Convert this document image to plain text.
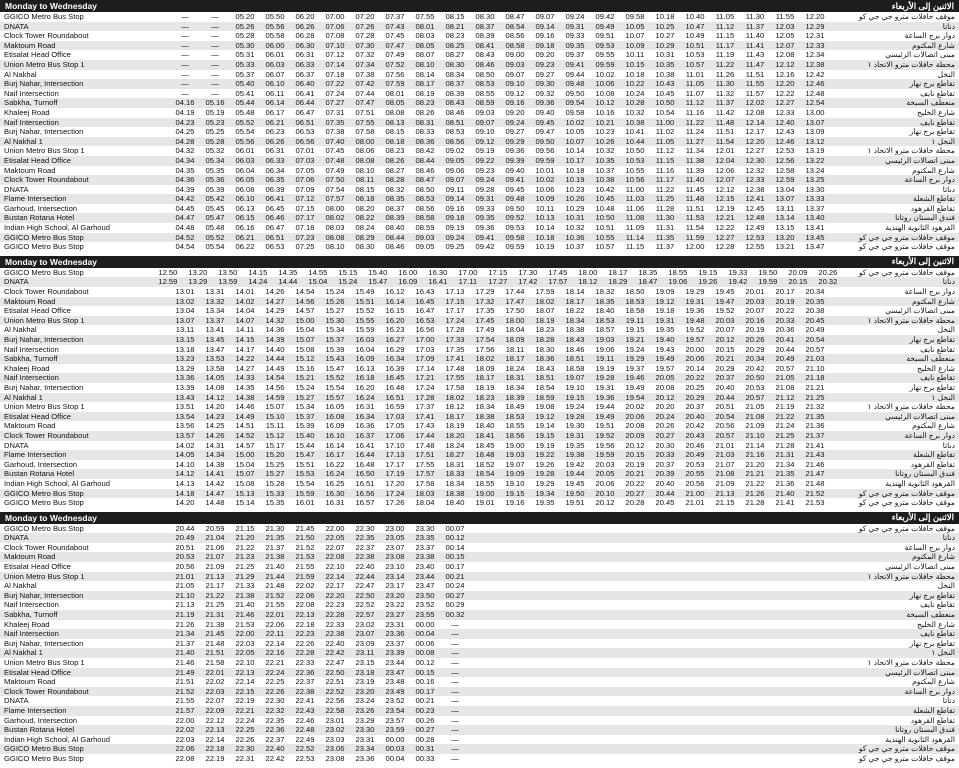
Monday to Wednesday	الاثنين إلى الأربعاء
GGICO Metro Bus Stop	—	—	05.20	05.50	06.20	07.00	07.20	07.37	07.55	08.15	08.30	08.47	09.07	09.24	09.42	09.58	10.18	10.40	11.05	11.30	11.55	12.20	موقف حافلات مترو جي جي كو
DNATA	—	—	05.26	05.56	06.26	07.06	07.26	07.43	08.01	08.21	08.37	08.54	09.14	09.31	09.49	10.05	10.25	10.47	11.12	11.37	12.03	12.29	دناتا
Clock Tower Roundabout	—	—	05.28	05.58	06.28	07.08	07.28	07.45	08.03	08.23	08.39	08.56	09.16	09.33	09.51	10.07	10.27	10.49	11.15	11.40	12.05	12.31	دوار برج الساعة
Maktoum Road	—	—	05.30	06.00	06.30	07.10	07.30	07.47	08.05	08.25	08.41	08.58	09.18	09.35	09.53	10.09	10.29	10.51	11.17	11.41	12.07	12.33	شارع المكتوم
Etisalat Head Office	—	—	05.31	06.01	06.31	07.12	07.32	07.49	08.07	08.27	08.43	09.00	09.20	09.37	09.55	10.11	10.31	10.53	11.19	11.43	12.08	12.34	مبنى اتصالات الرئيسي
Union Metro Bus Stop 1	—	—	05.33	06.03	06.33	07.14	07.34	07.52	08.10	08.30	08.46	09.03	09.23	09.41	09.59	10.15	10.35	10.57	11.22	11.47	12.12	12.38	محطة حافلات مترو الاتحاد ١
Al Nakhal	—	—	05.37	06.07	06.37	07.18	07.38	07.56	08.14	08.34	08.50	09.07	09.27	09.44	10.02	10.18	10.38	11.01	11.26	11.51	12.16	12.42	النخل
Burj Nahar, Intersection	—	—	05.40	06.10	06.40	07.22	07.42	07.59	08.17	08.37	08.53	09.10	09.30	09.48	10.06	10.22	10.43	11.05	11.30	11.55	12.20	12.46	تقاطع برج نهار
Naif Intersection	—	—	05.41	06.11	06.41	07.24	07.44	08.01	08.19	08.39	08.55	09.12	09.32	09.50	10.08	10.24	10.45	11.07	11.32	11.57	12.22	12.48	تقاطع نايف
Sabkha, Turnoff	04.16	05.16	05.44	06.14	06.44	07.27	07.47	08.05	08.23	08.43	08.59	09.16	09.36	09.54	10.12	10.28	10.50	11.12	11.37	12.02	12.27	12.54	منعطف السبخة
Khaleej Road	04.19	05.19	05.48	06.17	06.47	07.31	07.51	08.08	08.26	08.46	09.03	09.20	09.40	09.58	10.16	10.32	10.54	11.16	11.42	12.08	12.33	13.00	شارع الخليج
Naif Intersection	04.23	05.23	05.52	06.21	06.51	07.35	07.55	08.13	08.31	08.51	09.07	09.24	09.45	10.02	10.21	10.38	11.00	11.22	11.48	12.14	12.40	13.07	تقاطع نايف
Burj Nahar, Intersection	04.25	05.25	05.54	06.23	06.53	07.38	07.58	08.15	08.33	08.53	09.10	09.27	09.47	10.05	10.23	10.41	11.02	11.24	11.51	12.17	12.43	13.09	تقاطع برج نهار
Al Nakhal 1	04.28	05.28	05.56	06.26	06.56	07.40	08.00	08.18	08.36	08.56	09.12	09.29	09.50	10.07	10.26	10.44	11.05	11.27	11.54	12.20	12.46	13.12	النخل ١
Union Metro Bus Stop 1	04.32	05.32	06.01	06.31	07.01	07.45	08.06	08.23	08.42	09.02	09.19	09.36	09.56	10.14	10.32	10.50	11.12	11.34	12.01	12.27	12.53	13.19	محطة حافلات مترو الاتحاد ١
Etisalat Head Office	04.34	05.34	06.03	06.33	07.03	07.48	08.08	08.26	08.44	09.05	09.22	09.39	09.59	10.17	10.35	10.53	11.15	11.38	12.04	12.30	12.56	13.22	مبنى اتصالات الرئيسي
Maktoum Road	04.35	05.35	06.04	06.34	07.05	07.49	08.10	08.27	08.46	09.06	09.23	09.40	10.01	10.18	10.37	10.55	11.16	11.39	12.06	12.32	12.58	13.24	شارع المكتوم
Clock Tower Roundabout	04.36	05.36	06.05	06.35	07.06	07.50	08.11	08.28	08.47	09.07	09.24	09.41	10.02	10.19	10.38	10.56	11.17	11.40	12.07	12.33	12.59	13.25	دوار برج الساعة
DNATA	04.39	05.39	06.08	06.39	07.09	07.54	08.15	08.32	08.50	09.11	09.28	09.45	10.06	10.23	10.42	11.00	11.22	11.45	12.12	12.38	13.04	13.30	دناتا
Flame Intersection	04.42	05.42	06.10	06.41	07.12	07.57	08.18	08.35	08.53	09.14	09.31	09.48	10.09	10.26	10.45	11.03	11.25	11.48	12.15	12.41	13.07	13.33	تقاطع الشعلة
Garhoud, Intersection	04.45	05.45	06.13	06.45	07.15	08.00	08.20	08.37	08.56	09.16	09.33	09.50	10.11	10.29	10.48	11.06	11.28	11.51	12.19	12.45	13.11	13.37	تقاطع القرهود
Bustan Rotana Hotel	04.47	05.47	06.15	06.46	07.17	08.02	08.22	08.39	08.58	09.18	09.35	09.52	10.13	10.31	10.50	11.08	11.30	11.53	12.21	12.48	13.14	13.40	فندق البستان روتانا
Indian High School, Al Garhoud	04.48	05.48	06.16	06.47	07.18	08.03	08.24	08.40	08.59	09.19	09.36	09.53	10.14	10.32	10.51	11.09	11.31	11.54	12.22	12.49	13.15	13.41	القرهود الثانوية الهندية
GGICO Metro Bus Stop	04.52	05.52	06.21	06.51	07.23	08.08	08.29	08.44	09.03	09.24	09.41	09.58	10.18	10.36	10.55	11.14	11.35	11.59	12.27	12.53	13.20	13.45	موقف حافلات مترو جي جي كو
GGICO Metro Bus Stop	04.54	05.54	06.22	06.53	07.25	08.10	08.30	08.46	09.05	09.25	09.42	09.59	10.19	10.37	10.57	11.15	11.37	12.00	12.28	12.55	13.21	13.47	موقف حافلات مترو جي جي كو
Monday to Wednesday	الاثنين إلى الأربعاء
GGICO Metro Bus Stop	12.50	13.20	13.50	14.15	14.35	14.55	15.15	15.40	16.00	16.30	17.00	17.15	17.30	17.45	18.00	18.17	18.35	18.55	19.15	19.33	19.50	20.09	20.26	موقف حافلات مترو جي جي كو
DNATA	12.59	13.29	13.59	14.24	14.44	15.04	15.24	15.47	16.09	16.41	17.11	17.27	17.42	17.57	18.12	18.29	18.47	19.06	19.26	19.42	19.59	20.15	20.32	دناتا
Clock Tower Roundabout	13.01	13.31	14.01	14.26	14.54	15.24	15.49	16.12	16.43	17.13	17.29	17.44	17.59	18.14	18.32	18.50	19.09	19.29	19.45	20.01	20.17	20.34	دوار برج الساعة
Maktoum Road	13.02	13.32	14.02	14.27	14.56	15.26	15.51	16.14	16.45	17.15	17.32	17.47	18.02	18.17	18.35	18.53	19.12	19.31	19.47	20.03	20.19	20.35	شارع المكتوم
Etisalat Head Office	13.04	13.34	14.04	14.29	14.57	15.27	15.52	16.15	16.47	17.17	17.35	17.50	18.07	18.22	18.40	18.58	19.18	19.36	19.52	20.07	20.22	20.38	مبنى اتصالات الرئيسي
Union Metro Bus Stop 1	13.07	13.37	14.07	14.32	15.00	15.30	15.55	16.20	16.53	17.24	17.45	18.00	18.19	18.34	18.53	19.11	19.31	19.48	20.03	20.16	20.33	20.45	محطة حافلات مترو الاتحاد ١
Al Nakhal	13.11	13.41	14.11	14.36	15.04	15.34	15.59	16.23	16.56	17.28	17.49	18.04	18.23	18.38	18.57	19.15	19.35	19.52	20.07	20.19	20.36	20.49	النخل
Burj Nahar, Intersection	13.15	13.45	14.15	14.39	15.07	15.37	16.03	16.27	17.00	17.33	17.54	18.09	18.28	18.43	19.03	19.21	19.40	19.57	20.12	20.26	20.41	20.54	تقاطع برج نهار
Naif Intersection	13.18	13.47	14.17	14.40	15.08	15.39	16.04	16.29	17.03	17.35	17.56	18.11	18.30	18.46	19.06	19.24	19.43	20.00	20.15	20.29	20.44	20.57	تقاطع نايف
Sabkha, Turnoff	13.23	13.53	14.22	14.44	15.12	15.43	16.09	16.34	17.09	17.41	18.02	18.17	18.36	18.51	19.11	19.29	19.49	20.06	20.21	20.34	20.49	21.03	منعطف السبخة
Khaleej Road	13.29	13.58	14.27	14.49	15.16	15.47	16.13	16.39	17.14	17.48	18.09	18.24	18.43	18.58	19.19	19.37	19.57	20.14	20.29	20.42	20.57	21.10	شارع الخليج
Naif Intersection	13.36	14.05	14.33	14.54	15.21	15.52	16.18	16.45	17.21	17.55	18.17	18.31	18.51	19.07	19.28	19.46	20.05	20.22	20.37	20.50	21.05	21.18	تقاطع نايف
Burj Nahar, Intersection	13.39	14.08	14.35	14.56	15.24	15.54	16.20	16.48	17.24	17.58	18.19	18.34	18.54	19.10	19.31	19.49	20.08	20.25	20.40	20.53	21.08	21.21	تقاطع برج نهار
Al Nakhal 1	13.43	14.12	14.38	14.59	15.27	15.57	16.24	16.51	17.28	18.02	18.23	18.39	18.59	19.15	19.36	19.54	20.12	20.29	20.44	20.57	21.12	21.25	النخل ١
Union Metro Bus Stop 1	13.51	14.20	14.46	15.07	15.34	16.05	16.31	16.59	17.37	18.12	18.34	18.49	19.08	19.24	19.44	20.02	20.20	20.37	20.51	21.05	21.19	21.32	محطة حافلات مترو الاتحاد ١
Etisalat Head Office	13.54	14.23	14.49	15.10	15.37	16.08	16.34	17.03	17.41	18.17	18.38	18.53	19.12	19.28	19.49	20.06	20.24	20.40	20.54	21.08	21.22	21.35	مبنى اتصالات الرئيسي
Maktoum Road	13.56	14.25	14.51	15.11	15.39	16.09	16.36	17.05	17.43	18.19	18.40	18.55	19.14	19.30	19.51	20.08	20.26	20.42	20.56	21.09	21.24	21.36	شارع المكتوم
Clock Tower Roundabout	13.57	14.26	14.52	15.12	15.40	16.10	16.37	17.06	17.44	18.20	18.41	18.56	19.15	19.31	19.52	20.09	20.27	20.43	20.57	21.10	21.25	21.37	دوار برج الساعة
DNATA	14.02	14.31	14.57	15.17	15.44	16.14	16.41	17.10	17.48	18.24	18.45	19.00	19.19	19.35	19.56	20.12	20.30	20.46	21.01	21.14	21.28	21.41	دناتا
Flame Intersection	14.05	14.34	15.00	15.20	15.47	16.17	16.44	17.13	17.51	18.27	18.48	19.03	19.22	19.38	19.59	20.15	20.33	20.49	21.03	21.16	21.31	21.43	تقاطع الشعلة
Garhoud, Intersection	14.10	14.38	15.04	15.25	15.51	16.22	16.48	17.17	17.55	18.31	18.52	19.07	19.26	19.42	20.03	20.19	20.37	20.53	21.07	21.20	21.34	21.46	تقاطع القرهود
Bustan Rotana Hotel	14.12	14.41	15.07	15.27	15.53	16.24	16.50	17.19	17.57	18.33	18.54	19.09	19.28	19.44	20.05	20.21	20.39	20.55	21.08	21.21	21.35	21.47	فندق البستان روتانا
Indian High School, Al Garhoud	14.13	14.42	15.08	15.28	15.54	16.25	16.51	17.20	17.58	18.34	18.55	19.10	19.29	19.45	20.06	20.22	20.40	20.56	21.09	21.22	21.36	21.48	القرهود الثانوية الهندية
GGICO Metro Bus Stop	14.18	14.47	15.13	15.33	15.59	16.30	16.56	17.24	18.03	18.38	19.00	19.15	19.34	19.50	20.10	20.27	20.44	21.00	21.13	21.26	21.40	21.52	موقف حافلات مترو جي جي كو
GGICO Metro Bus Stop	14.20	14.48	15.14	15.35	16.01	16.31	16.57	17.26	18.04	18.40	19.01	19.16	19.35	19.51	20.12	20.28	20.45	21.01	21.15	21.28	21.41	21.53	موقف حافلات مترو جي جي كو
Monday to Wednesday	الاثنين إلى الأربعاء
GGICO Metro Bus Stop	20.44	20.59	21.15	21.30	21.45	22.00	22.30	23.00	23.30	00.07	موقف حافلات مترو جي جي كو
DNATA	20.49	21.04	21.20	21.35	21.50	22.05	22.35	23.05	23.35	00.12	دناتا
Clock Tower Roundabout	20.51	21.06	21.22	21.37	21.52	22.07	22.37	23.07	23.37	00.14	دوار برج الساعة
Maktoum Road	20.53	21.07	21.23	21.38	21.53	22.08	22.38	23.08	23.38	00.15	شارع المكتوم
Etisalat Head Office	20.56	21.09	21.25	21.40	21.55	22.10	22.40	23.10	23.40	00.17	مبنى اتصالات الرئيسي
Union Metro Bus Stop 1	21.01	21.13	21.29	21.44	21.59	22.14	22.44	23.14	23.44	00.21	محطة حافلات مترو الاتحاد ١
Al Nakhal	21.05	21.17	21.33	21.48	22.02	22.17	22.47	23.17	23.47	00.24	النخل
Burj Nahar, Intersection	21.10	21.22	21.38	21.52	22.06	22.20	22.50	23.20	23.50	00.27	تقاطع برج نهار
Naif Intersection	21.13	21.25	21.40	21.55	22.08	22.23	22.52	23.22	23.52	00.29	تقاطع نايف
Sabkha, Turnoff	21.19	21.31	21.46	22.01	22.13	22.28	22.57	23.27	23.55	00.32	منعطف السبخة
Khaleej Road	21.26	21.38	21.53	22.06	22.18	22.33	23.02	23.31	00.00	—	شارع الخليج
Naif Intersection	21.34	21.45	22.00	22.11	22.23	22.38	23.07	23.36	00.04	—	تقاطع نايف
Burj Nahar, Intersection	21.37	21.48	22.03	22.14	22.26	22.40	23.09	23.37	00.06	—	تقاطع برج نهار
Al Nakhal 1	21.40	21.51	22.05	22.16	22.28	22.42	23.11	23.39	00.08	—	النخل ١
Union Metro Bus Stop 1	21.46	21.58	22.10	22.21	22.33	22.47	23.15	23.44	00.12	—	محطة حافلات مترو الاتحاد ١
Etisalat Head Office	21.49	22.01	22.13	22.24	22.36	22.50	23.18	23.47	00.15	—	مبنى اتصالات الرئيسي
Maktoum Road	21.51	22.02	22.14	22.25	22.37	22.51	23.19	23.48	00.16	—	شارع المكتوم
Clock Tower Roundabout	21.52	22.03	22.15	22.26	22.38	22.52	23.20	23.49	00.17	—	دوار برج الساعة
DNATA	21.55	22.07	22.19	22.30	22.41	22.56	23.24	23.52	00.21	—	دناتا
Flame Intersection	21.57	22.09	22.21	22.32	22.43	22.58	23.26	23.54	00.23	—	تقاطع الشعلة
Garhoud, Intersection	22.00	22.12	22.24	22.35	22.46	23.01	23.29	23.57	00.26	—	تقاطع القرهود
Bustan Rotana Hotel	22.02	22.13	22.25	22.36	22.48	23.02	23.30	23.59	00.27	—	فندق البستان روتانا
Indian High School, Al Garhoud	22.03	22.14	22.26	22.37	22.49	23.03	23.31	00.00	00.28	—	القرهود الثانوية الهندية
GGICO Metro Bus Stop	22.06	22.18	22.30	22.40	22.52	23.06	23.34	00.03	00.31	—	موقف حافلات مترو جي جي كو
GGICO Metro Bus Stop	22.08	22.19	22.31	22.42	22.53	23.08	23.36	00.04	00.33	—	موقف حافلات مترو جي جي كو
